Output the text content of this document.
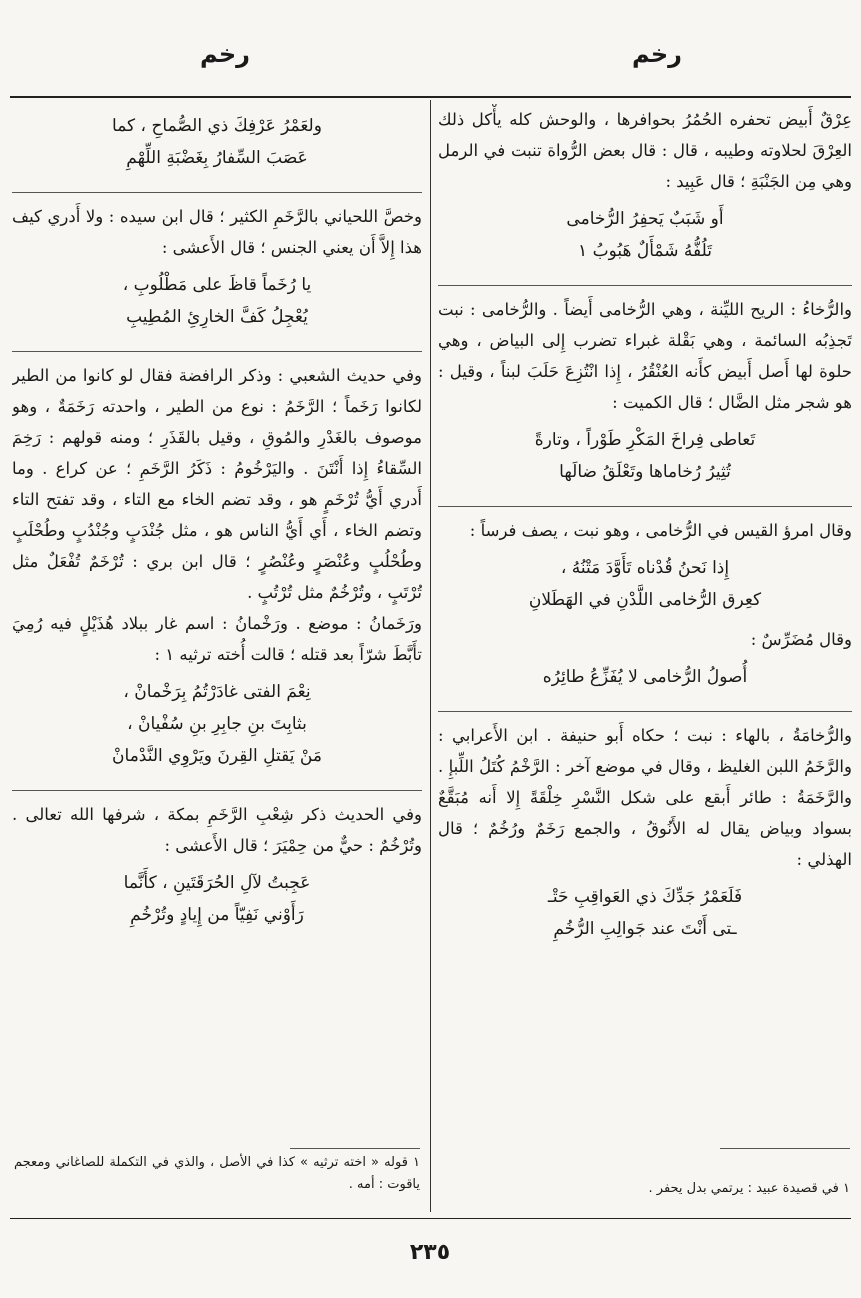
رخم
رخم

عِرْقٌ أَبيض تحفره الحُمُرُ بحوافرها ، والوحش كله يأْكل ذلك العِرْقَ لحلاوته وطيبه ، قال : قال بعض الرُّواة تنبت في الرمل وهي مِن الجَنْبَةِ ؛ قال عَبِيد :

أَو شَبَبٌ يَحفِرُ الرُّخامى

تَلُفُّهُ شَمْأَلٌ هَبُوبُ ١

والرُّخاءُ : الريح الليِّنة ، وهي الرُّخامى أَيضاً . والرُّخامى : نبت تَجذِبُه السائمة ، وهي بَقْلة غبراء تضرب إِلى البياض ، وهي حلوة لها أَصل أَبيض كأَنه العُنْقُرُ ، إِذا انْتُزِعَ حَلَبَ لبناً ، وقيل : هو شجر مثل الضَّال ؛ قال الكميت :

تَعاطى فِراخَ المَكْرِ طَوْراً ، وتارةً

تُثِيرُ رُخاماها وتَعْلَقُ ضالَها

وقال امرؤ القيس في الرُّخامى ، وهو نبت ، يصف فرساً :

إِذا نَحنُ قُدْناه تَأَوَّدَ مَتْنُهُ ،

كعِرق الرُّخامى اللَّدْنِ في الهَطَلانِ

وقال مُضَرِّسٌ :

أُصولُ الرُّخامى لا يُفَزِّعُ طائِرُه

والرُّخامَةُ ، بالهاء : نبت ؛ حكاه أَبو حنيفة . ابن الأَعرابي : والرَّخَمُ اللبن الغليظ ، وقال في موضع آخر : الرَّخْمُ كُتَلُ اللِّبإِ . والرَّخَمَةُ : طائر أَبقع على شكل النَّسْرِ خِلْقَةً إِلا أَنه مُبَقَّعٌ بسواد وبياض يقال له الأَنُوقُ ، والجمع رَخَمٌ ورُخُمٌ ؛ قال الهذلي :

فَلَعَمْرُ جَدِّكَ ذي العَواقِبِ حَتْـ

ـتى أَنْتَ عند جَوالِبِ الرُّخُمِ

ولعَمْرُ عَرْفِكَ ذي الصُّماحِ ، كما

عَصَبَ السِّفارُ بِغَضْبَةِ اللِّهْمِ

وخصَّ اللحياني بالرَّخَمِ الكثير ؛ قال ابن سيده : ولا أَدري كيف هذا إِلاَّ أَن يعني الجنس ؛ قال الأَعشى :

يا رُخَماً قاظَ على مَطْلُوبِ ،

يُعْجِلُ كَفَّ الخارِئِ المُطِيبِ

وفي حديث الشعبي : وذكر الرافضة فقال لو كانوا من الطير لكانوا رَخَماً ؛ الرَّخَمُ : نوع من الطير ، واحدته رَخَمَةٌ ، وهو موصوف بالغَدْرِ والمُوقِ ، وقيل بالقَذَرِ ؛ ومنه قولهم : رَخِمَ السِّقاءُ إِذا أَنْتَنَ . واليَرْخُومُ : ذَكَرُ الرَّخَمِ ؛ عن كراع . وما أَدري أَيُّ تُرْخَمٍ هو ، وقد تضم الخاء مع التاء ، وقد تفتح التاء وتضم الخاء ، أَي أَيُّ الناس هو ، مثل جُنْدَبٍ وجُنْدُبٍ وطُحْلَبٍ وطُحْلُبٍ وعُنْصَرٍ وعُنْصُرٍ ؛ قال ابن بري : تُرْخَمٌ تُفْعَلٌ مثل تُرْتَبٍ ، وتُرْخُمٌ مثل تُرْتُبٍ .

ورَخَمانُ : موضع . ورَخْمانُ : اسم غار ببلاد هُذَيْلٍ فيه رُمِيَ تأَبَّطَ شرّاً بعد قتله ؛ قالت أُخته ترثيه ١ :

نِعْمَ الفتى غادَرْتُمُ بِرَخْمانْ ،

بثابِتَ بنِ جابِرِ بنِ سُفْيانْ ،

مَنْ يَقتلِ القِرنَ ويَرْوِي النَّدْمانْ

وفي الحديث ذكر شِعْبِ الرَّخَمِ بمكة ، شرفها الله تعالى . وتُرْخُمٌ : حيٌّ من حِمْيَرَ ؛ قال الأَعشى :

عَجِبتُ لآلِ الحُرَقَتَينِ ، كأَنَّما

رَأَوْني نَفِيّاً من إِيادٍ وتُرْخُمِ

١ في قصيدة عبيد : يرتمي بدل يحفر .
١ قوله « اخته ترثيه » كذا في الأصل ، والذي في التكملة للصاغاني ومعجم ياقوت : أمه .
٢٣٥
